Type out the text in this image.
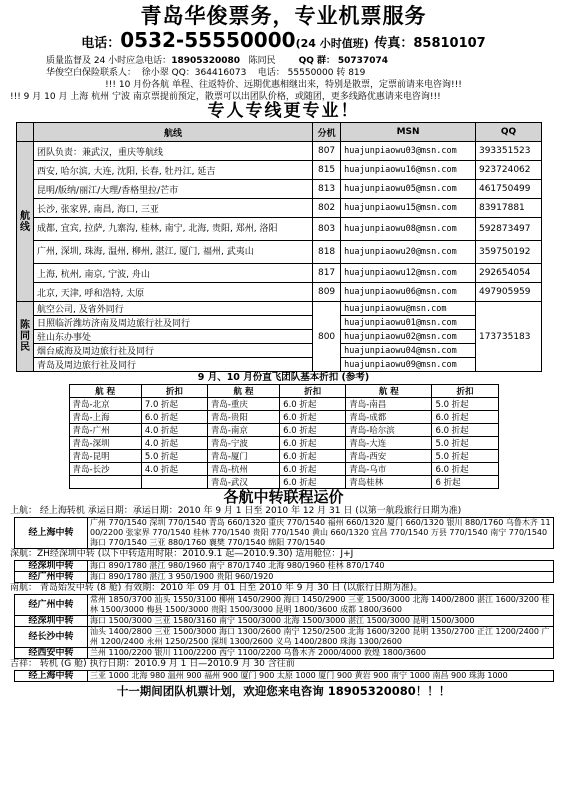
青岛华俊票务，专业机票服务
电话：0532-55550000(24 小时值班) 传真：85810107
质量监督及 24 小时应急电话：18905320080 陈同民	QQ 群： 50737074
华俊空白保险联系人： 徐小翠 QQ：364416073 电话： 55550000 转 819
!!! 10 月份各航 单程、往返特价、远期优惠相继出来，特别是散票，定票前请来电咨询!!!
!!! 9 月 10 月 上海 杭州 宁波 南京票提前预定，散票可以出团队价格，或随团，更多线路优惠请来电咨询!!!
专人专线更专业！
	航线	分机	MSN	QQ
航线	团队负责：兼武汉，重庆等航线	807	huajunpiaowu03@msn.com	393351523
	西安, 哈尔滨, 大连, 沈阳, 长春, 牡丹江, 延吉	815	huajunpiaowu16@msn.com	923724062
	昆明/版纳/丽江/大理/香格里拉/芒市	813	huajunpiaowu05@msn.com	461750499
	长沙, 张家界, 南昌, 海口, 三亚	802	huajunpiaowu15@msn.com	83917881
	成都, 宜宾, 拉萨, 九寨沟, 桂林, 南宁, 北海, 贵阳, 郑州, 洛阳	803	huajunpiaowu08@msn.com	592873497
	广州, 深圳, 珠海, 温州, 柳州, 湛江, 厦门, 福州, 武夷山	818	huajunpiaowu20@msn.com	359750192
	上海, 杭州, 南京, 宁波, 舟山	817	huajunpiaowu12@msn.com	292654054
	北京, 天津, 呼和浩特, 太原	809	huajunpiaowu06@msn.com	497905959
陈同民	航空公司, 及省外同行	800	huajunpiaowu@msn.com	173735183
	日照临沂潍坊济南及周边旅行社及同行		huajunpiaowu01@msn.com	
	驻山东办事处		huajunpiaowu02@msn.com	
	烟台威海及周边旅行社及同行		huajunpiaowu04@msn.com	
	青岛及周边旅行社及同行		huajunpiaowu09@msn.com	
9 月、10 月份直飞团队基本折扣 (参考)
航 程	折扣	航 程	折扣	航 程	折扣
青岛-北京	7.0 折起	青岛-重庆	6.0 折起	青岛-南昌	5.0 折起
青岛-上海	6.0 折起	青岛-贵阳	6.0 折起	青岛-成都	6.0 折起
青岛-广州	4.0 折起	青岛-南京	6.0 折起	青岛-哈尔滨	6.0 折起
青岛-深圳	4.0 折起	青岛-宁波	6.0 折起	青岛-大连	5.0 折起
青岛-昆明	5.0 折起	青岛-厦门	6.0 折起	青岛-西安	5.0 折起
青岛-长沙	4.0 折起	青岛-杭州	6.0 折起	青岛-乌市	6.0 折起
		青岛-武汉	6.0 折起	青岛桂林	6 折起
各航中转联程运价
上航： 经上海转机 承运日期：承运日期：2010 年 9 月 1 日至 2010 年 12 月 31 日 (以第一航段旅行日期为准)
经上海中转	广州 770/1540 深圳 770/1540 青岛 660/1320 重庆 770/1540 福州 660/1320 厦门 660/1320 银川 880/1760 乌鲁木齐 1100/2200 张家界 770/1540 桂林 770/1540 贵阳 770/1540 黄山 660/1320 宜昌 770/1540 万县 770/1540 南宁 770/1540 海口 770/1540 三亚 880/1760 襄樊 770/1540 绵阳 770/1540
深航：ZH经深圳中转 (以下中转适用时限：2010.9.1 起—2010.9.30) 适用舱位：J+J
经深圳中转	海口 890/1780 湛江 980/1960 南宁 870/1740 北海 980/1960 桂林 870/1740
经广州中转	海口 890/1780 湛江 3 950/1900 贵阳 960/1920
南航： 青岛始发中转 (8 舱) 有效期：2010 年 09 月 01 日至 2010 年 9 月 30 日 (以旅行日期为准)。
经广州中转	常州 1850/3700 汕头 1550/3100 柳州 1450/2900 海口 1450/2900 三亚 1500/3000 北海 1400/2800 湛江 1600/3200 桂林 1500/3000 梅县 1500/3000 贵阳 1500/3000 昆明 1800/3600 成都 1800/3600
经深圳中转	海口 1500/3000 三亚 1580/3160 南宁 1500/3000 北海 1500/3000 湛江 1500/3000 昆明 1500/3000
经长沙中转	汕头 1400/2800 三亚 1500/3000 海口 1300/2600 南宁 1250/2500 北海 1600/3200 昆明 1350/2700 正江 1200/2400 广州 1200/2400 永州 1250/2500 深圳 1300/2600 义乌 1400/2800 珠海 1300/2600
经西安中转	兰州 1100/2200 银川 1100/2200 西宁 1100/2200 乌鲁木齐 2000/4000 敦煌 1800/3600
吉祥： 转机 (G 舱) 执行日期：2010.9 月 1 日—2010.9 月 30 含往前
经上海中转	三亚 1000 北海 980 温州 900 福州 900 厦门 900 太原 1000 厦门 900 黄岩 900 南宁 1000 南昌 900 珠海 1000
十一期间团队机票计划，欢迎您来电咨询 18905320080！！！
